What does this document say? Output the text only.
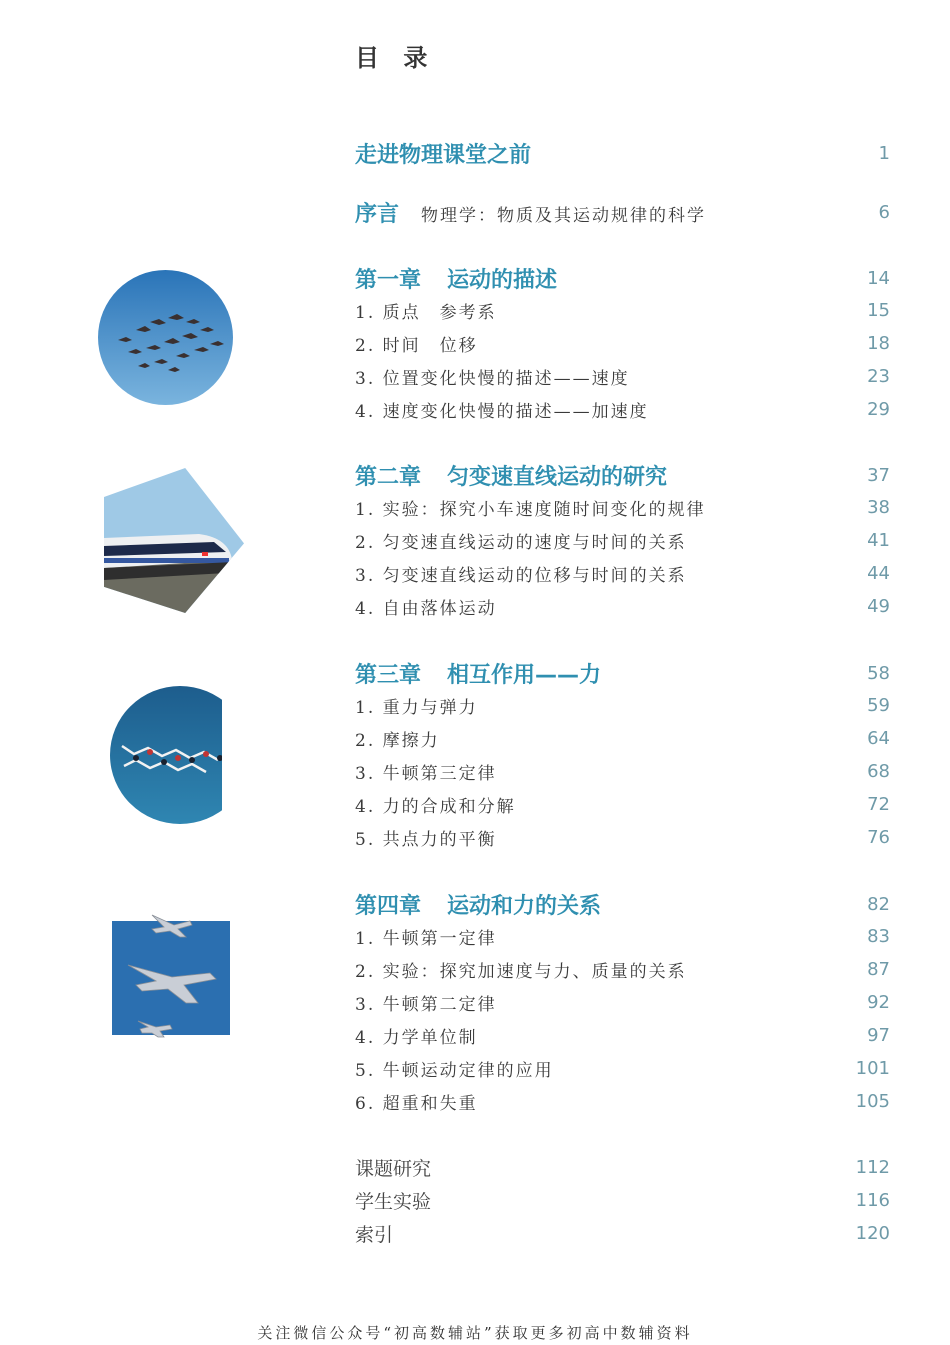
目 录
走进物理课堂之前	1
序言 物理学：物质及其运动规律的科学	6
第一章 运动的描述	14
1. 质点　参考系	15
2. 时间　位移	18
3. 位置变化快慢的描述——速度	23
4. 速度变化快慢的描述——加速度	29
第二章 匀变速直线运动的研究	37
1. 实验：探究小车速度随时间变化的规律	38
2. 匀变速直线运动的速度与时间的关系	41
3. 匀变速直线运动的位移与时间的关系	44
4. 自由落体运动	49
第三章 相互作用——力	58
1. 重力与弹力	59
2. 摩擦力	64
3. 牛顿第三定律	68
4. 力的合成和分解	72
5. 共点力的平衡	76
第四章 运动和力的关系	82
1. 牛顿第一定律	83
2. 实验：探究加速度与力、质量的关系	87
3. 牛顿第二定律	92
4. 力学单位制	97
5. 牛顿运动定律的应用	101
6. 超重和失重	105
课题研究	112
学生实验	116
索引	120
关注微信公众号“初高数辅站”获取更多初高中数辅资料
